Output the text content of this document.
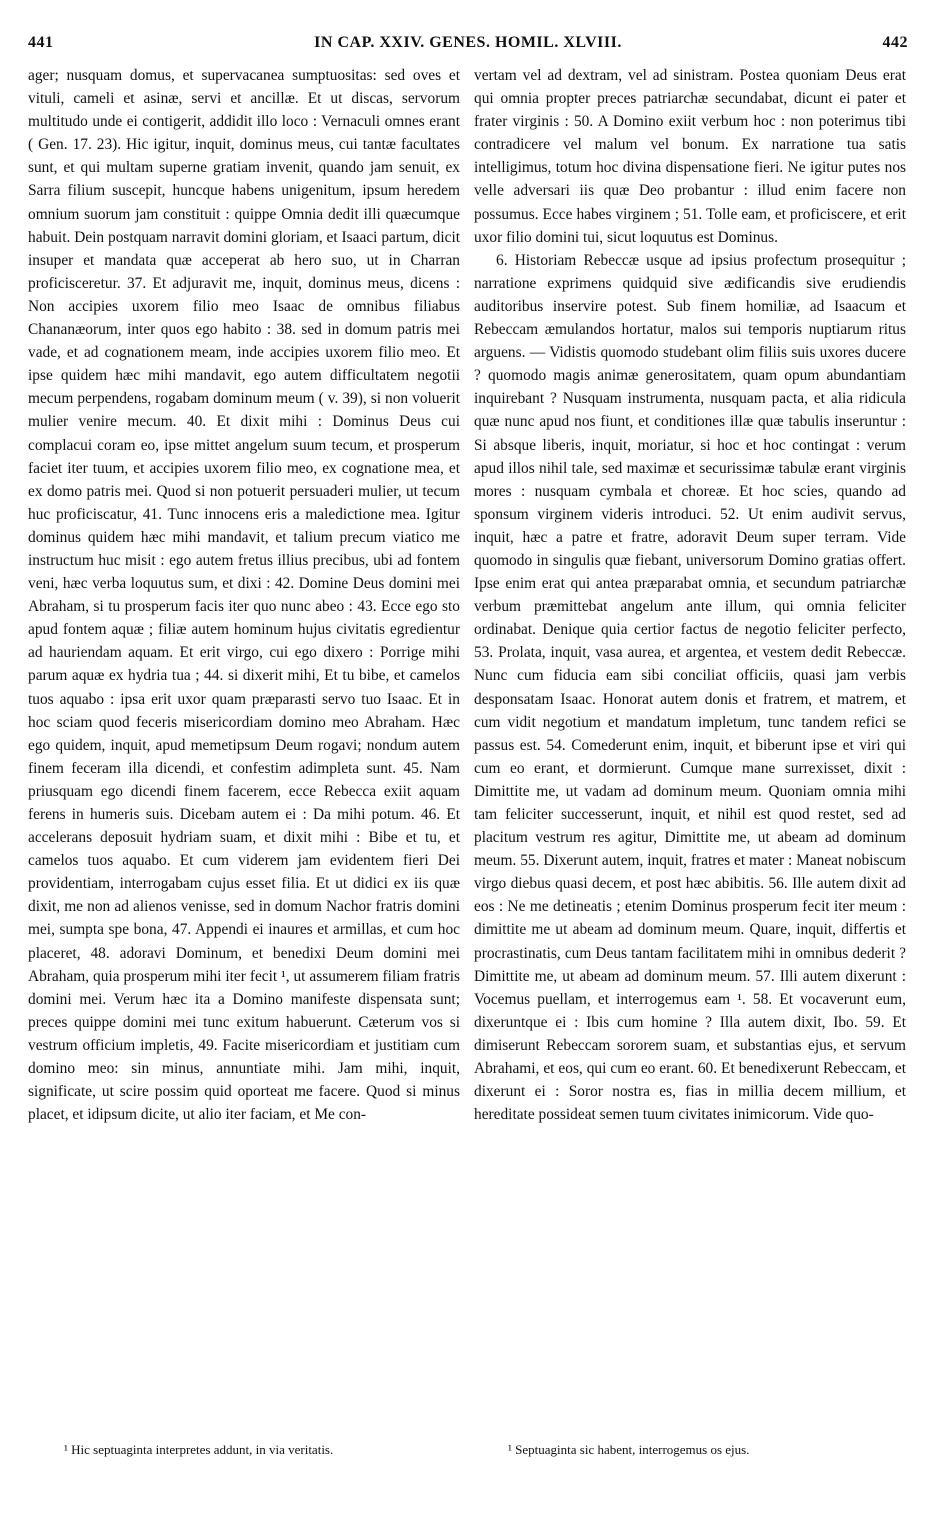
441	IN CAP. XXIV. GENES. HOMIL. XLVIII.	442

ager; nusquam domus, et supervacanea sumptuositas: sed oves et vituli, cameli et asinæ, servi et ancillæ. Et ut discas, servorum multitudo unde ei contigerit, addidit illo loco : Vernaculi omnes erant ( Gen. 17. 23). Hic igitur, inquit, dominus meus, cui tantæ facultates sunt, et qui multam superne gratiam invenit, quando jam senuit, ex Sarra filium suscepit, huncque habens unigenitum, ipsum heredem omnium suorum jam constituit : quippe Omnia dedit illi quæcumque habuit. Dein postquam narravit domini gloriam, et Isaaci partum, dicit insuper et mandata quæ acceperat ab hero suo, ut in Charran proficisceretur. 37. Et adjuravit me, inquit, dominus meus, dicens : Non accipies uxorem filio meo Isaac de omnibus filiabus Chananæorum, inter quos ego habito : 38. sed in domum patris mei vade, et ad cognationem meam, inde accipies uxorem filio meo. Et ipse quidem hæc mihi mandavit, ego autem difficultatem negotii mecum perpendens, rogabam dominum meum ( v. 39), si non voluerit mulier venire mecum. 40. Et dixit mihi : Dominus Deus cui complacui coram eo, ipse mittet angelum suum tecum, et prosperum faciet iter tuum, et accipies uxorem filio meo, ex cognatione mea, et ex domo patris mei. Quod si non potuerit persuaderi mulier, ut tecum huc proficiscatur, 41. Tunc innocens eris a maledictione mea. Igitur dominus quidem hæc mihi mandavit, et talium precum viatico me instructum huc misit : ego autem fretus illius precibus, ubi ad fontem veni, hæc verba loquutus sum, et dixi : 42. Domine Deus domini mei Abraham, si tu prosperum facis iter quo nunc abeo : 43. Ecce ego sto apud fontem aquæ ; filiæ autem hominum hujus civitatis egredientur ad hauriendam aquam. Et erit virgo, cui ego dixero : Porrige mihi parum aquæ ex hydria tua ; 44. si dixerit mihi, Et tu bibe, et camelos tuos aquabo : ipsa erit uxor quam præparasti servo tuo Isaac. Et in hoc sciam quod feceris misericordiam domino meo Abraham. Hæc ego quidem, inquit, apud memetipsum Deum rogavi; nondum autem finem feceram illa dicendi, et confestim adimpleta sunt. 45. Nam priusquam ego dicendi finem facerem, ecce Rebecca exiit aquam ferens in humeris suis. Dicebam autem ei : Da mihi potum. 46. Et accelerans deposuit hydriam suam, et dixit mihi : Bibe et tu, et camelos tuos aquabo. Et cum viderem jam evidentem fieri Dei providentiam, interrogabam cujus esset filia. Et ut didici ex iis quæ dixit, me non ad alienos venisse, sed in domum Nachor fratris domini mei, sumpta spe bona, 47. Appendi ei inaures et armillas, et cum hoc placeret, 48. adoravi Dominum, et benedixi Deum domini mei Abraham, quia prosperum mihi iter fecit ¹, ut assumerem filiam fratris domini mei. Verum hæc ita a Domino manifeste dispensata sunt; preces quippe domini mei tunc exitum habuerunt. Cæterum vos si vestrum officium impletis, 49. Facite misericordiam et justitiam cum domino meo: sin minus, annuntiate mihi. Jam mihi, inquit, significate, ut scire possim quid oporteat me facere. Quod si minus placet, et idipsum dicite, ut alio iter faciam, et Me con-

vertam vel ad dextram, vel ad sinistram. Postea quoniam Deus erat qui omnia propter preces patriarchæ secundabat, dicunt ei pater et frater virginis : 50. A Domino exiit verbum hoc : non poterimus tibi contradicere vel malum vel bonum. Ex narratione tua satis intelligimus, totum hoc divina dispensatione fieri. Ne igitur putes nos velle adversari iis quæ Deo probantur : illud enim facere non possumus. Ecce habes virginem ; 51. Tolle eam, et proficiscere, et erit uxor filio domini tui, sicut loquutus est Dominus.

6. Historiam Rebeccæ usque ad ipsius profectum prosequitur ; narratione exprimens quidquid sive ædificandis sive erudiendis auditoribus inservire potest. Sub finem homiliæ, ad Isaacum et Rebeccam æmulandos hortatur, malos sui temporis nuptiarum ritus arguens. — Vidistis quomodo studebant olim filiis suis uxores ducere ? quomodo magis animæ generositatem, quam opum abundantiam inquirebant ? Nusquam instrumenta, nusquam pacta, et alia ridicula quæ nunc apud nos fiunt, et conditiones illæ quæ tabulis inseruntur : Si absque liberis, inquit, moriatur, si hoc et hoc contingat : verum apud illos nihil tale, sed maximæ et securissimæ tabulæ erant virginis mores : nusquam cymbala et choreæ. Et hoc scies, quando ad sponsum virginem videris introduci. 52. Ut enim audivit servus, inquit, hæc a patre et fratre, adoravit Deum super terram. Vide quomodo in singulis quæ fiebant, universorum Domino gratias offert. Ipse enim erat qui antea præparabat omnia, et secundum patriarchæ verbum præmittebat angelum ante illum, qui omnia feliciter ordinabat. Denique quia certior factus de negotio feliciter perfecto, 53. Prolata, inquit, vasa aurea, et argentea, et vestem dedit Rebeccæ. Nunc cum fiducia eam sibi conciliat officiis, quasi jam verbis desponsatam Isaac. Honorat autem donis et fratrem, et matrem, et cum vidit negotium et mandatum impletum, tunc tandem refici se passus est. 54. Comederunt enim, inquit, et biberunt ipse et viri qui cum eo erant, et dormierunt. Cumque mane surrexisset, dixit : Dimittite me, ut vadam ad dominum meum. Quoniam omnia mihi tam feliciter successerunt, inquit, et nihil est quod restet, sed ad placitum vestrum res agitur, Dimittite me, ut abeam ad dominum meum. 55. Dixerunt autem, inquit, fratres et mater : Maneat nobiscum virgo diebus quasi decem, et post hæc abibitis. 56. Ille autem dixit ad eos : Ne me detineatis ; etenim Dominus prosperum fecit iter meum : dimittite me ut abeam ad dominum meum. Quare, inquit, differtis et procrastinatis, cum Deus tantam facilitatem mihi in omnibus dederit ? Dimittite me, ut abeam ad dominum meum. 57. Illi autem dixerunt : Vocemus puellam, et interrogemus eam ¹. 58. Et vocaverunt eum, dixeruntque ei : Ibis cum homine ? Illa autem dixit, Ibo. 59. Et dimiserunt Rebeccam sororem suam, et substantias ejus, et servum Abrahami, et eos, qui cum eo erant. 60. Et benedixerunt Rebeccam, et dixerunt ei : Soror nostra es, fias in millia decem millium, et hereditate possideat semen tuum civitates inimicorum. Vide quo-

¹ Hic septuaginta interpretes addunt, in via veritatis.	¹ Septuaginta sic habent, interrogemus os ejus.
